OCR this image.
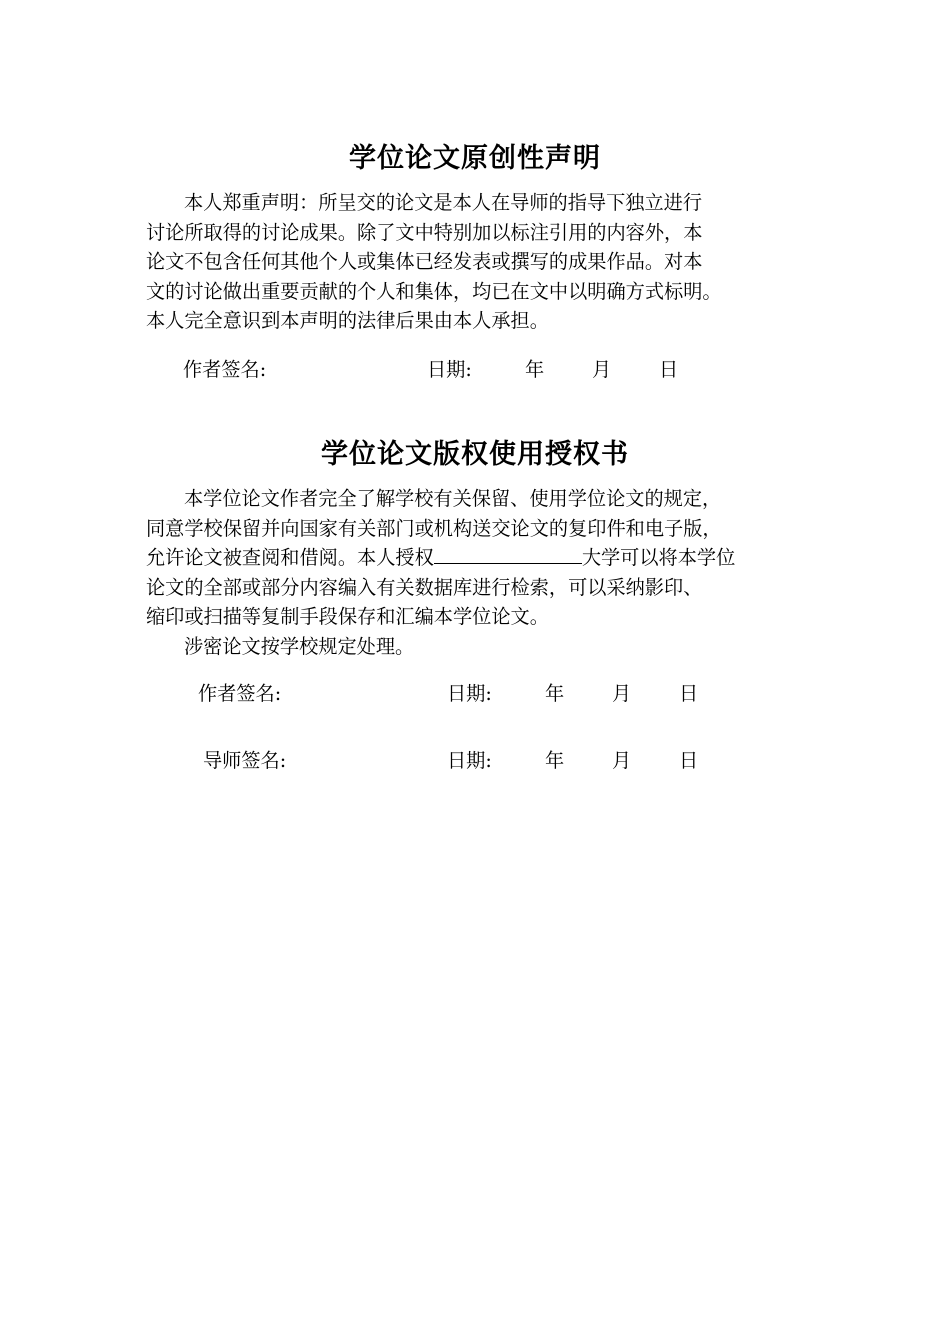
学位论文原创性声明

本人郑重声明：所呈交的论文是本人在导师的指导下独立进行
讨论所取得的讨论成果。除了文中特别加以标注引用的内容外，本
论文不包含任何其他个人或集体已经发表或撰写的成果作品。对本
文的讨论做出重要贡献的个人和集体，均已在文中以明确方式标明。
本人完全意识到本声明的法律后果由本人承担。

作者签名:	日期:	年 月 日
学位论文版权使用授权书

本学位论文作者完全了解学校有关保留、使用学位论文的规定，
同意学校保留并向国家有关部门或机构送交论文的复印件和电子版，
允许论文被查阅和借阅。本人授权	大学可以将本学位
论文的全部或部分内容编入有关数据库进行检索，可以采纳影印、
缩印或扫描等复制手段保存和汇编本学位论文。
涉密论文按学校规定处理。

作者签名:	日期:	年 月 日
导师签名:	日期:	年 月 日
